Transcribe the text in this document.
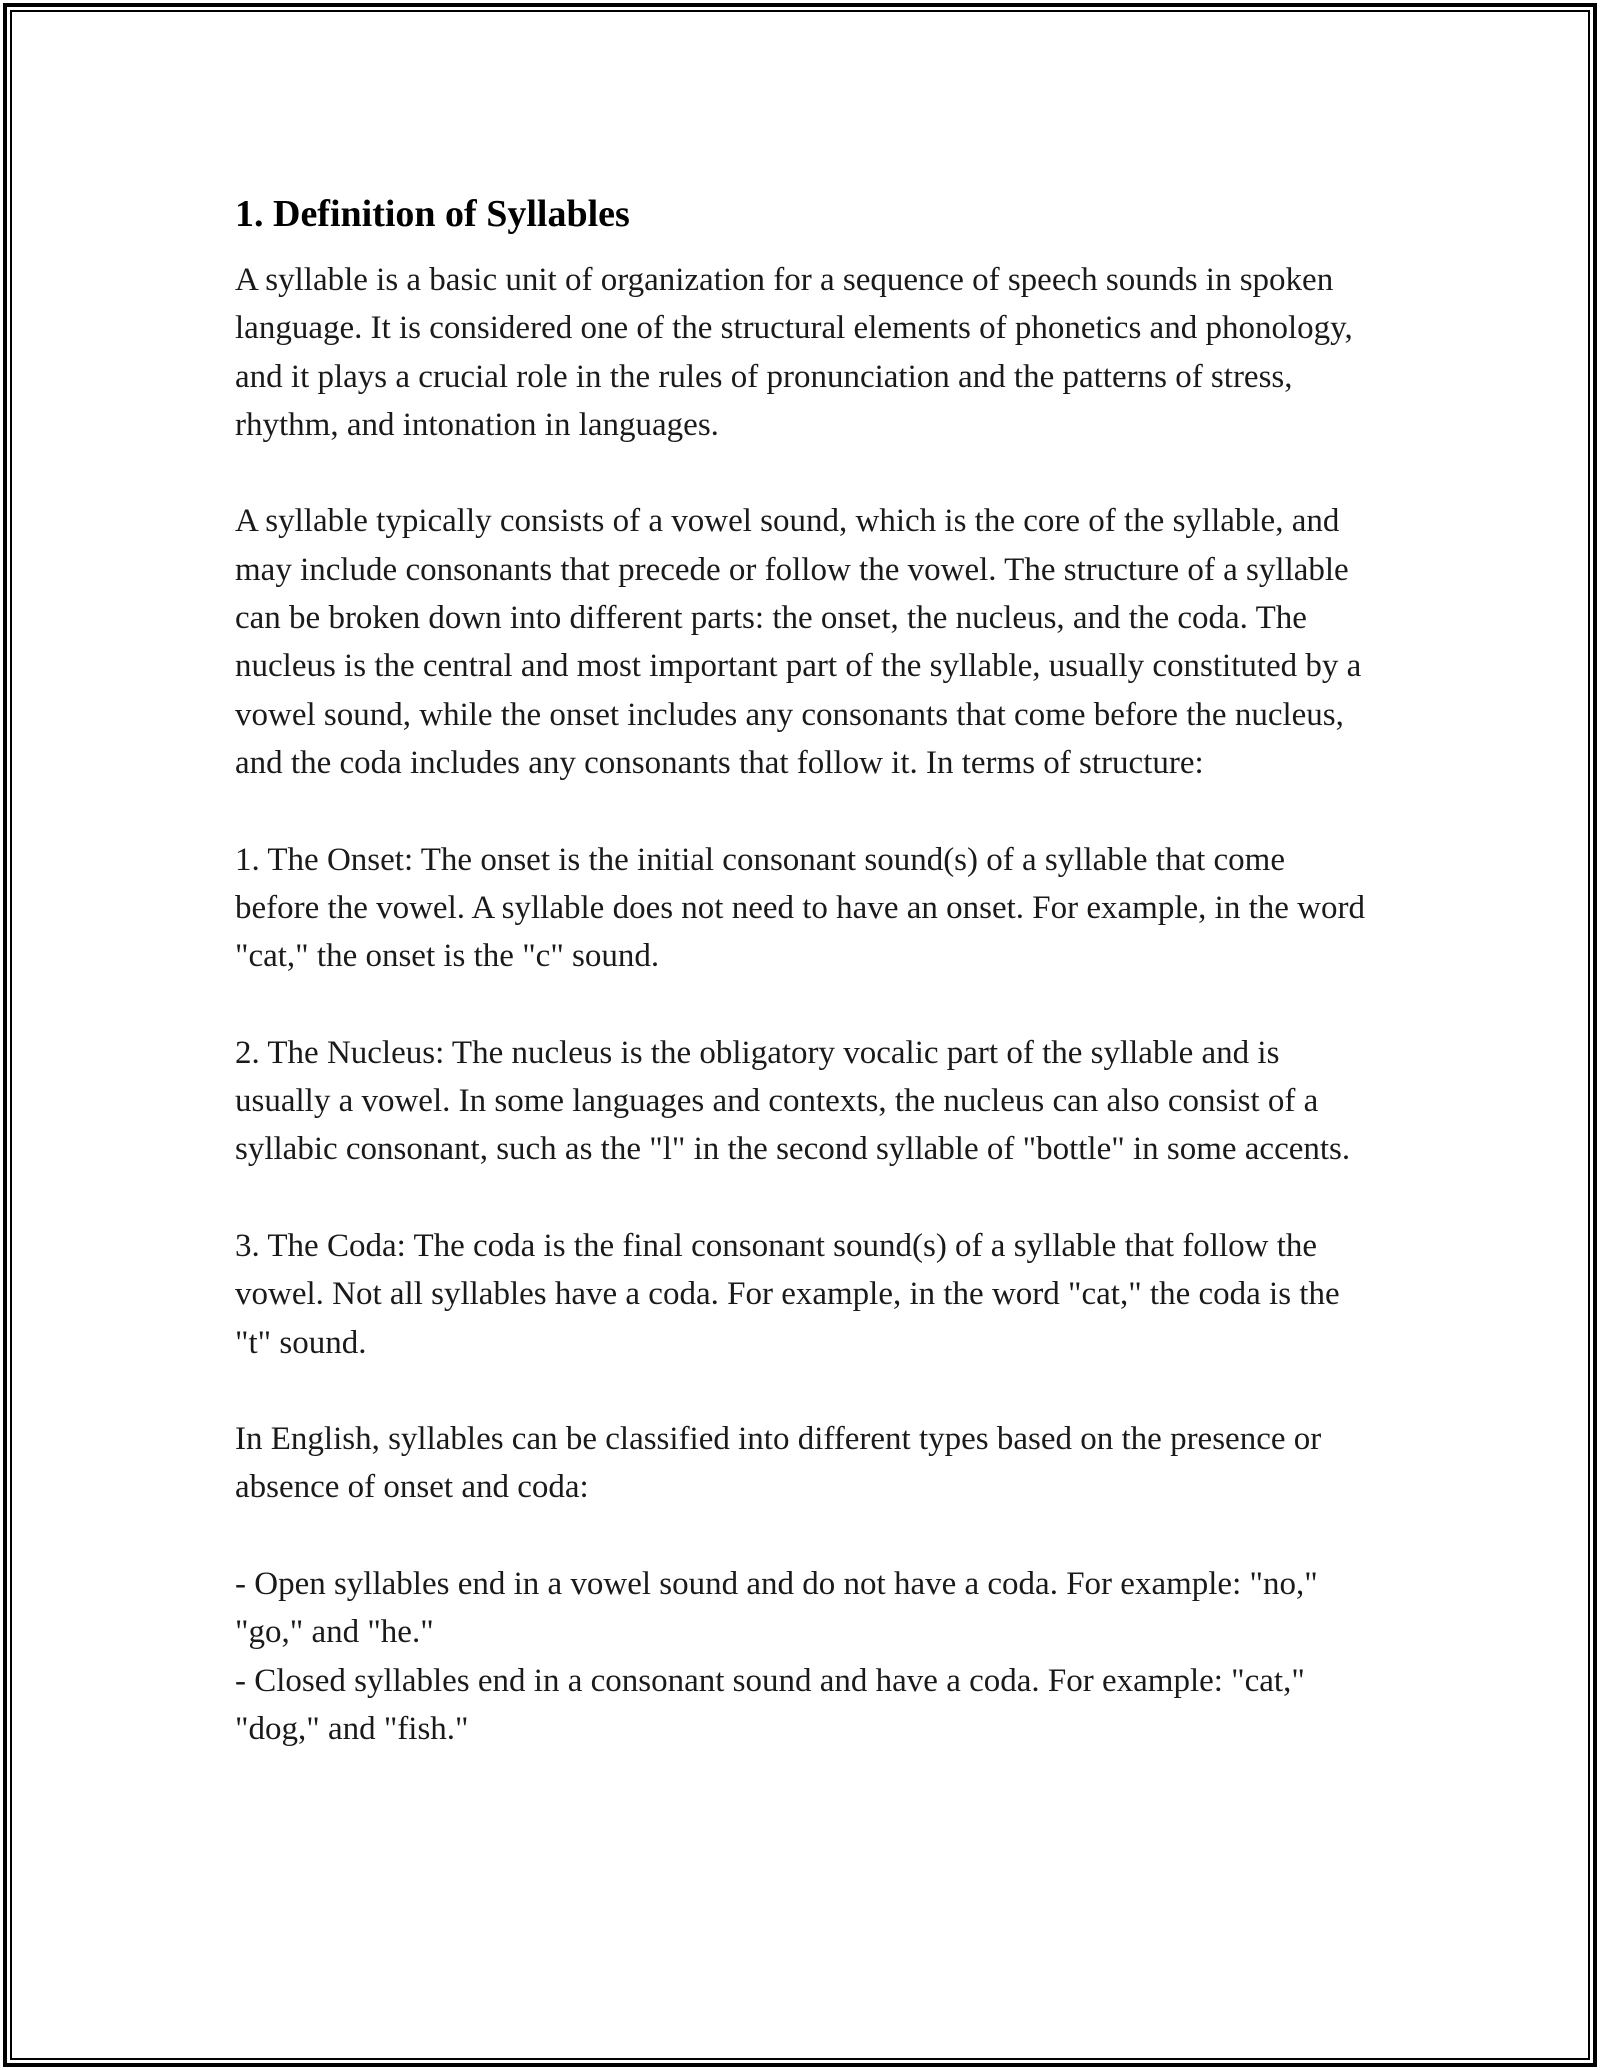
1. Definition of Syllables

A syllable is a basic unit of organization for a sequence of speech sounds in spoken language. It is considered one of the structural elements of phonetics and phonology, and it plays a crucial role in the rules of pronunciation and the patterns of stress, rhythm, and intonation in languages.

A syllable typically consists of a vowel sound, which is the core of the syllable, and may include consonants that precede or follow the vowel. The structure of a syllable can be broken down into different parts: the onset, the nucleus, and the coda. The nucleus is the central and most important part of the syllable, usually constituted by a vowel sound, while the onset includes any consonants that come before the nucleus, and the coda includes any consonants that follow it. In terms of structure:

1. The Onset: The onset is the initial consonant sound(s) of a syllable that come before the vowel. A syllable does not need to have an onset. For example, in the word "cat," the onset is the "c" sound.

2. The Nucleus: The nucleus is the obligatory vocalic part of the syllable and is usually a vowel. In some languages and contexts, the nucleus can also consist of a syllabic consonant, such as the "l" in the second syllable of "bottle" in some accents.

3. The Coda: The coda is the final consonant sound(s) of a syllable that follow the vowel. Not all syllables have a coda. For example, in the word "cat," the coda is the "t" sound.

In English, syllables can be classified into different types based on the presence or absence of onset and coda:

- Open syllables end in a vowel sound and do not have a coda. For example: "no," "go," and "he."

- Closed syllables end in a consonant sound and have a coda. For example: "cat," "dog," and "fish."
